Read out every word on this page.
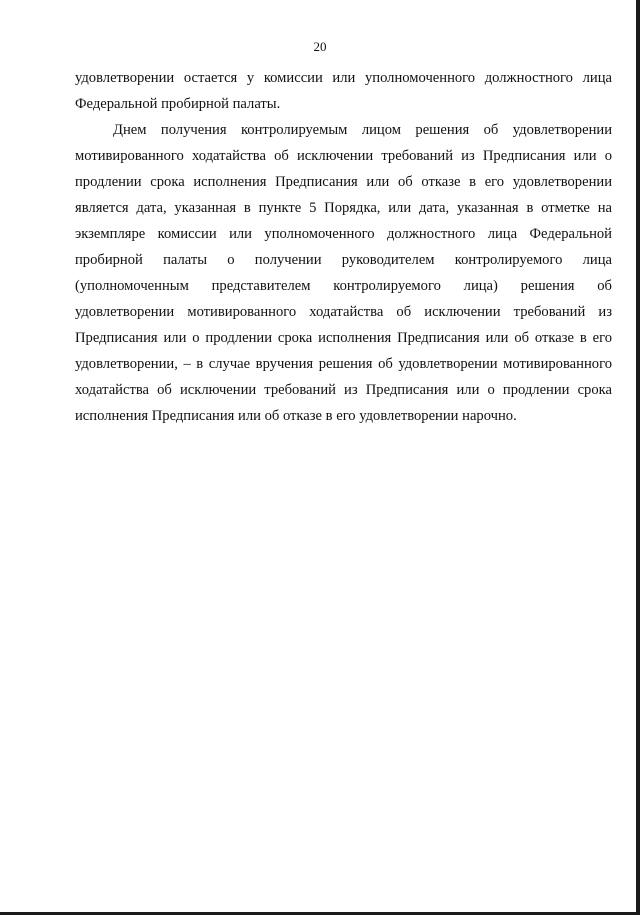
20

удовлетворении остается у комиссии или уполномоченного должностного лица Федеральной пробирной палаты.

Днем получения контролируемым лицом решения об удовлетворении мотивированного ходатайства об исключении требований из Предписания или о продлении срока исполнения Предписания или об отказе в его удовлетворении является дата, указанная в пункте 5 Порядка, или дата, указанная в отметке на экземпляре комиссии или уполномоченного должностного лица Федеральной пробирной палаты о получении руководителем контролируемого лица (уполномоченным представителем контролируемого лица) решения об удовлетворении мотивированного ходатайства об исключении требований из Предписания или о продлении срока исполнения Предписания или об отказе в его удовлетворении, – в случае вручения решения об удовлетворении мотивированного ходатайства об исключении требований из Предписания или о продлении срока исполнения Предписания или об отказе в его удовлетворении нарочно.
